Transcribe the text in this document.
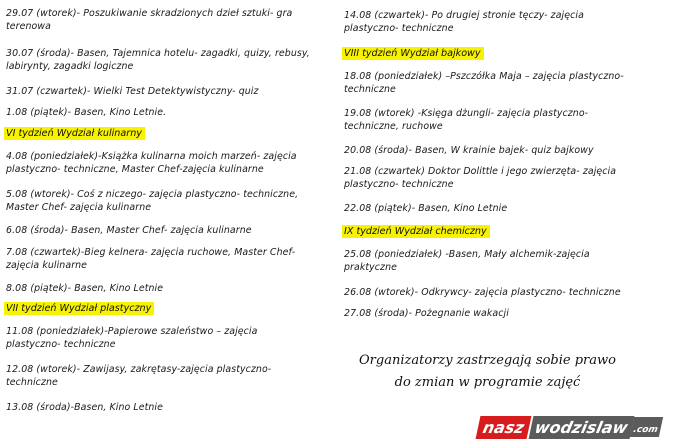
29.07 (wtorek)- Poszukiwanie skradzionych dzieł sztuki- gra terenowa
30.07 (środa)- Basen, Tajemnica hotelu- zagadki, quizy, rebusy, labirynty, zagadki logiczne
31.07 (czwartek)- Wielki Test Detektywistyczny- quiz
1.08 (piątek)- Basen, Kino Letnie.
VI tydzień Wydział kulinarny
4.08 (poniedziałek)-Książka kulinarna moich marzeń- zajęcia plastyczno- techniczne, Master Chef-zajęcia kulinarne
5.08 (wtorek)- Coś z niczego- zajęcia plastyczno- techniczne, Master Chef- zajęcia kulinarne
6.08 (środa)- Basen, Master Chef- zajęcia kulinarne
7.08 (czwartek)-Bieg kelnera- zajęcia ruchowe, Master Chef- zajęcia kulinarne
8.08 (piątek)- Basen, Kino Letnie
VII tydzień Wydział plastyczny
11.08 (poniedziałek)-Papierowe szaleństwo – zajęcia plastyczno- techniczne
12.08 (wtorek)- Zawijasy, zakrętasy-zajęcia plastyczno- techniczne
13.08 (środa)-Basen, Kino Letnie
14.08 (czwartek)- Po drugiej stronie tęczy- zajęcia plastyczno- techniczne
VIII tydzień Wydział bajkowy
18.08 (poniedziałek) –Pszczółka Maja – zajęcia plastyczno- techniczne
19.08 (wtorek) -Księga dżungli- zajęcia plastyczno- techniczne, ruchowe
20.08 (środa)- Basen, W krainie bajek- quiz bajkowy
21.08 (czwartek) Doktor Dolittle i jego zwierzęta- zajęcia plastyczno- techniczne
22.08 (piątek)- Basen, Kino Letnie
IX tydzień Wydział chemiczny
25.08 (poniedziałek) -Basen, Mały alchemik-zajęcia praktyczne
26.08 (wtorek)- Odkrywcy- zajęcia plastyczno- techniczne
27.08 (środa)- Pożegnanie wakacji
Organizatorzy zastrzegają sobie prawo
do zmian w programie zajęć
nasz wodzislaw .com
